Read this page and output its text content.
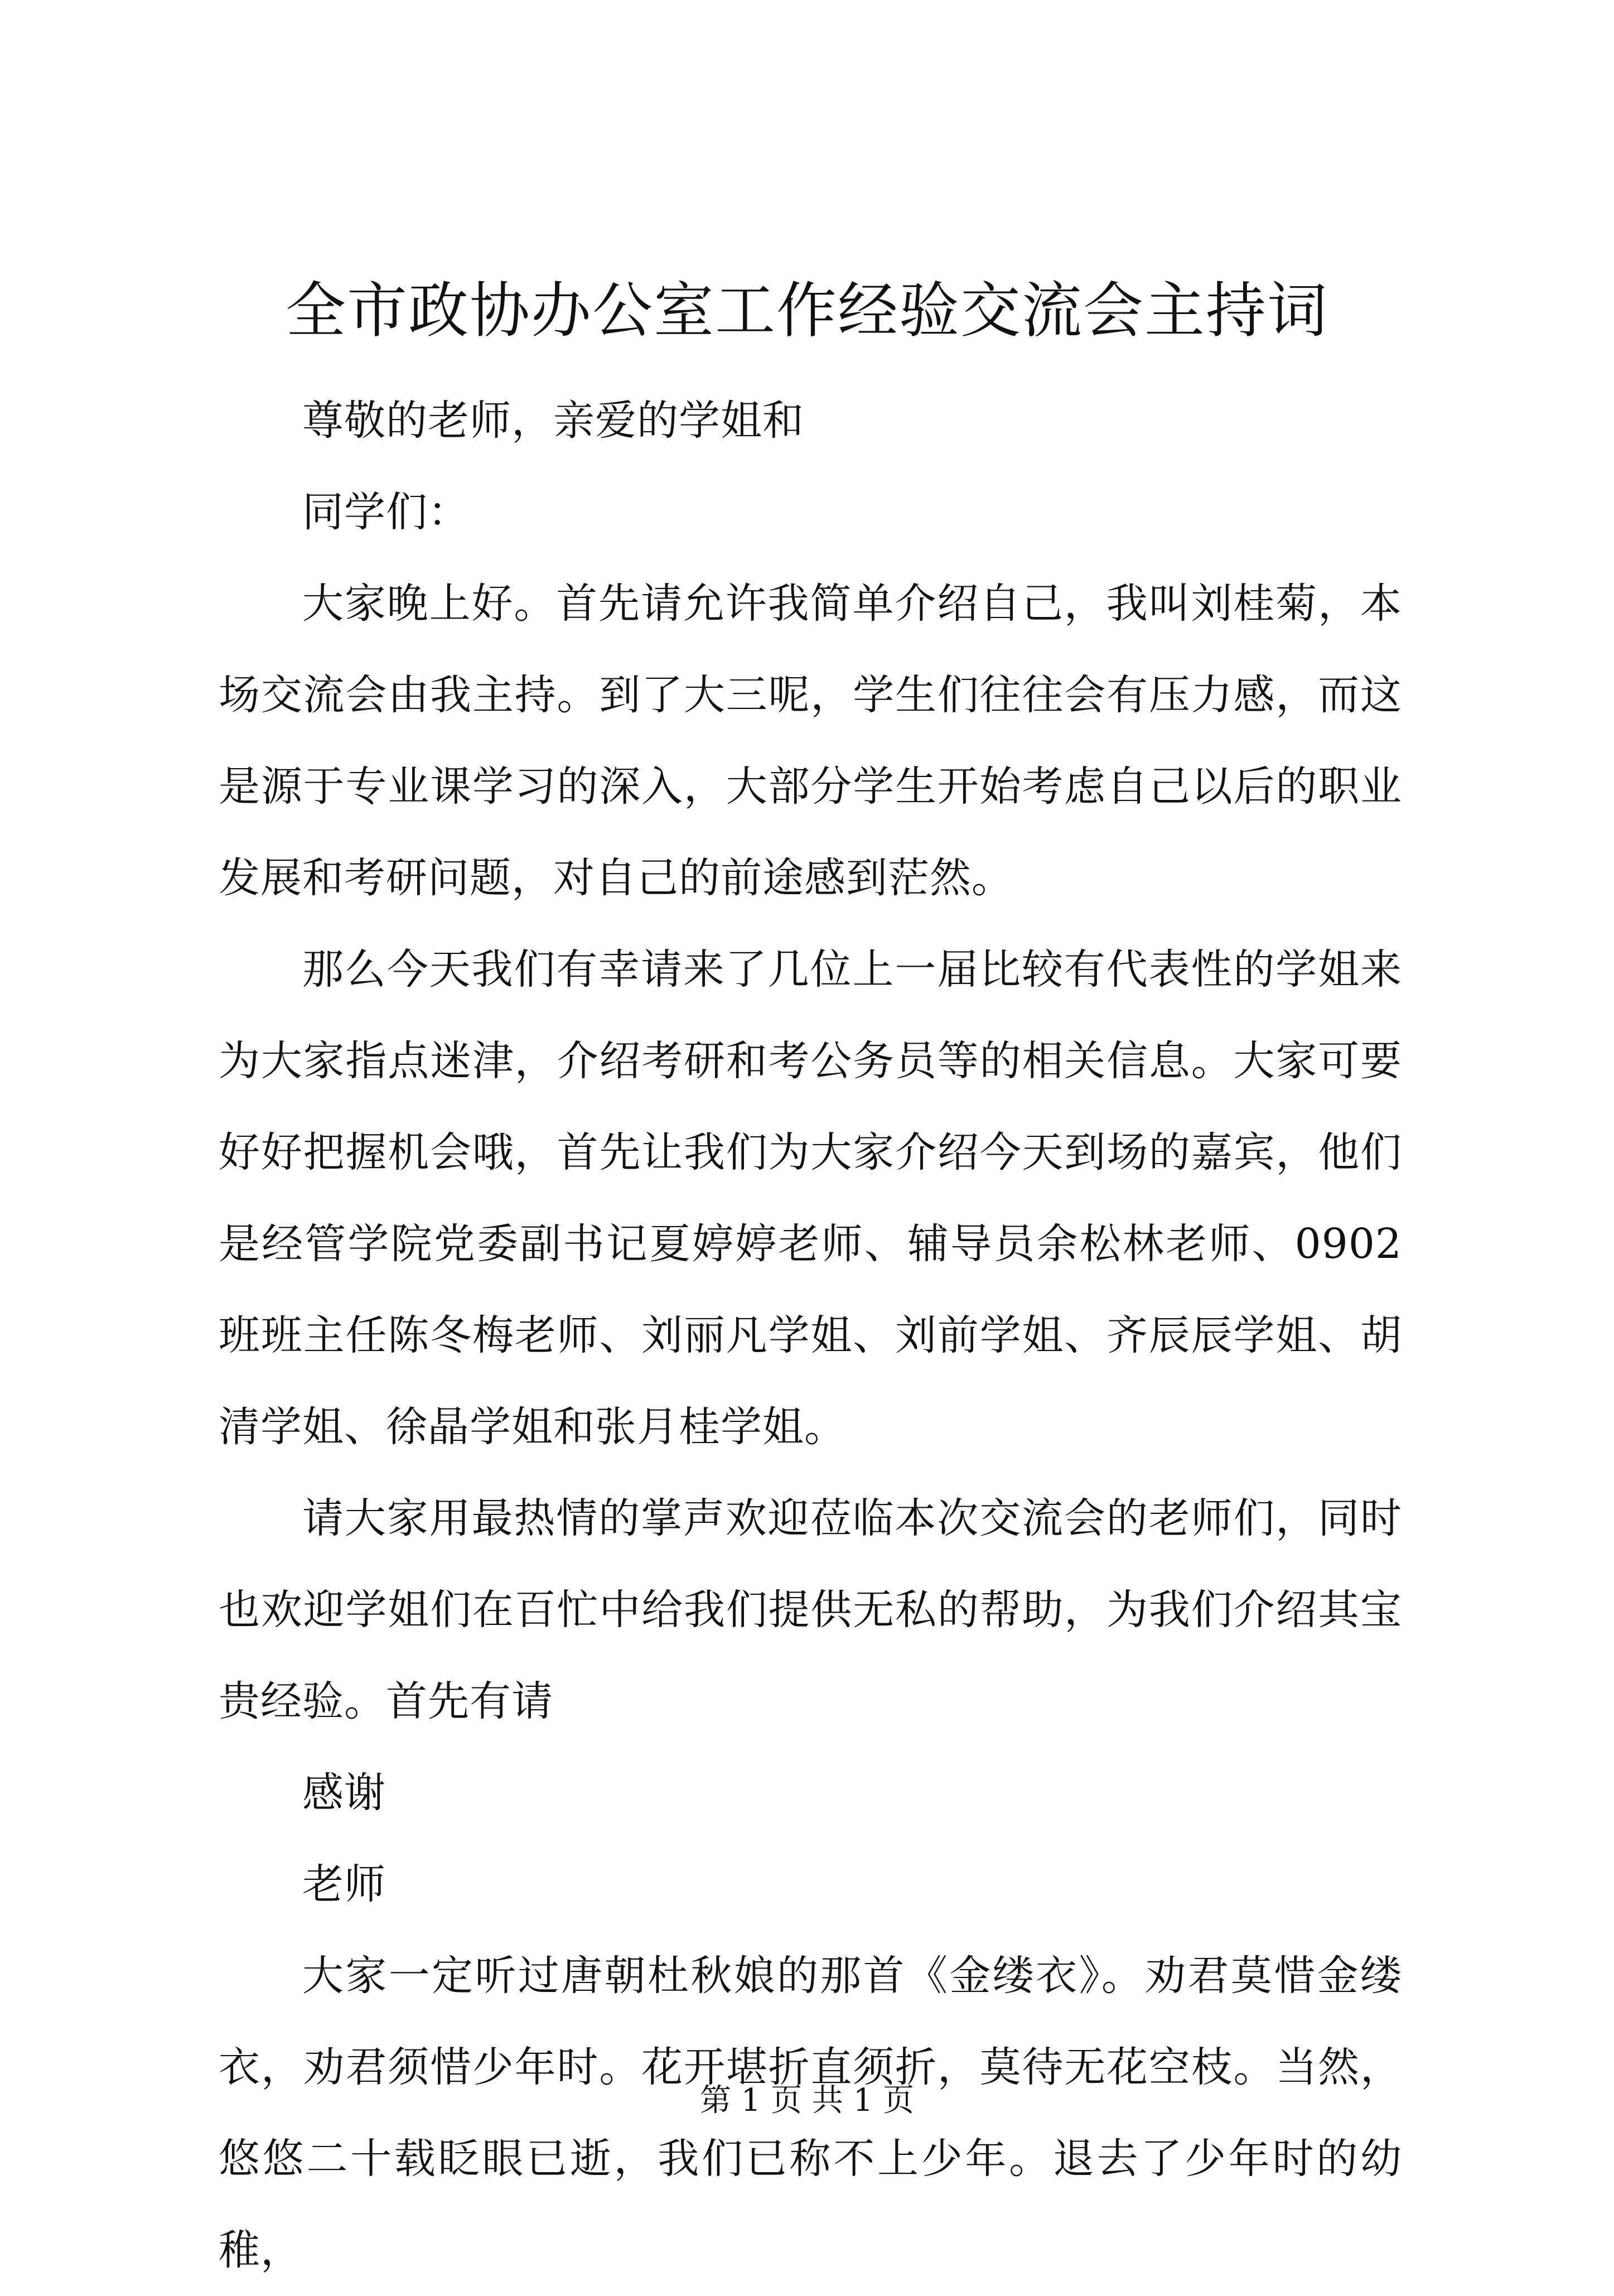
全市政协办公室工作经验交流会主持词

尊敬的老师，亲爱的学姐和

同学们：

大家晚上好。首先请允许我简单介绍自己，我叫刘桂菊，本场交流会由我主持。到了大三呢，学生们往往会有压力感，而这是源于专业课学习的深入，大部分学生开始考虑自己以后的职业发展和考研问题，对自己的前途感到茫然。

那么今天我们有幸请来了几位上一届比较有代表性的学姐来为大家指点迷津，介绍考研和考公务员等的相关信息。大家可要好好把握机会哦，首先让我们为大家介绍今天到场的嘉宾，他们是经管学院党委副书记夏婷婷老师、辅导员余松林老师、0902班班主任陈冬梅老师、刘丽凡学姐、刘前学姐、齐辰辰学姐、胡清学姐、徐晶学姐和张月桂学姐。

请大家用最热情的掌声欢迎莅临本次交流会的老师们，同时也欢迎学姐们在百忙中给我们提供无私的帮助，为我们介绍其宝贵经验。首先有请

感谢

老师

大家一定听过唐朝杜秋娘的那首《金缕衣》。劝君莫惜金缕衣，劝君须惜少年时。花开堪折直须折，莫待无花空枝。当然，悠悠二十载眨眼已逝，我们已称不上少年。退去了少年时的幼稚，

第 1 页 共 1 页
